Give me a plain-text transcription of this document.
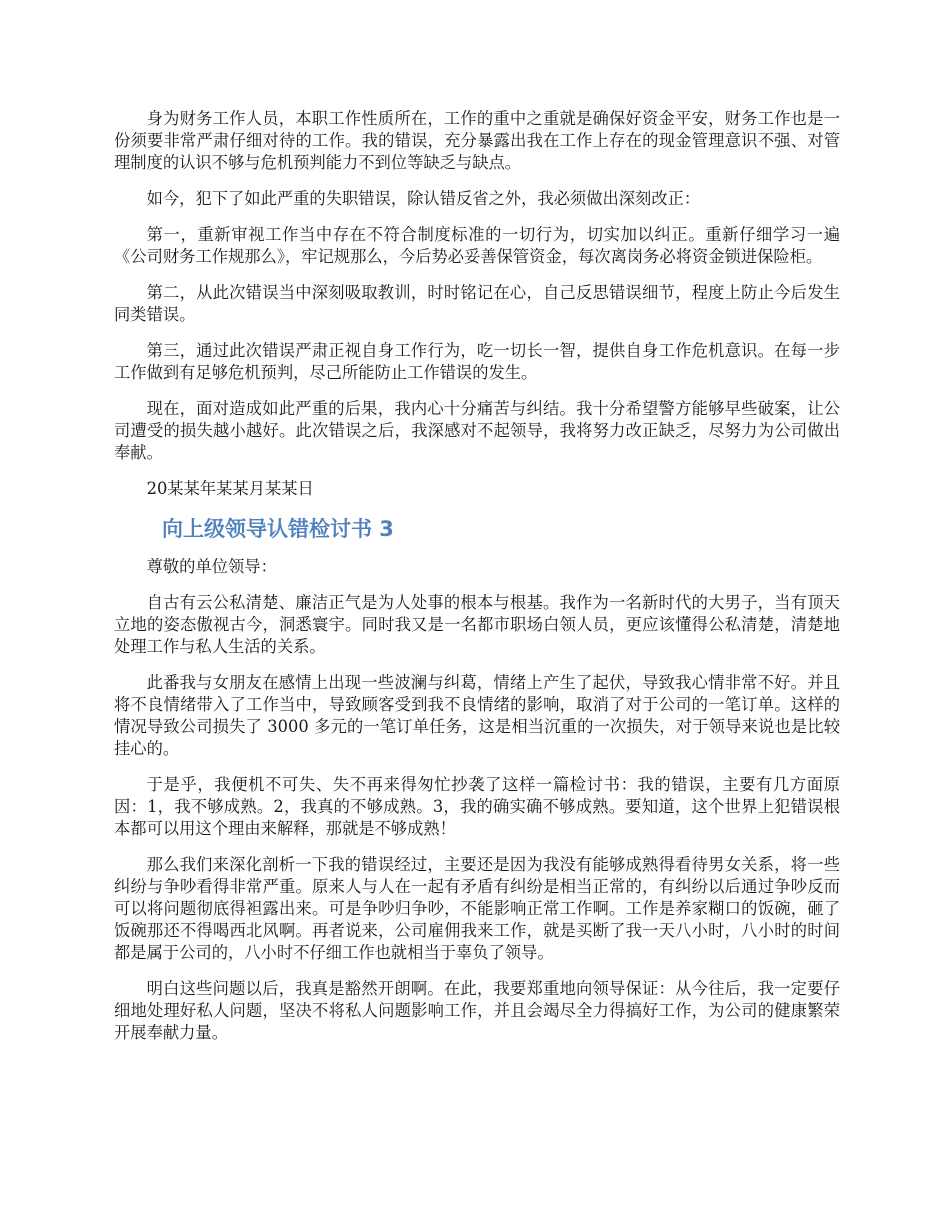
身为财务工作人员，本职工作性质所在，工作的重中之重就是确保好资金平安，财务工作也是一份须要非常严肃仔细对待的工作。我的错误，充分暴露出我在工作上存在的现金管理意识不强、对管理制度的认识不够与危机预判能力不到位等缺乏与缺点。

如今，犯下了如此严重的失职错误，除认错反省之外，我必须做出深刻改正：

第一，重新审视工作当中存在不符合制度标准的一切行为，切实加以纠正。重新仔细学习一遍《公司财务工作规那么》，牢记规那么，今后势必妥善保管资金，每次离岗务必将资金锁进保险柜。

第二，从此次错误当中深刻吸取教训，时时铭记在心，自己反思错误细节，程度上防止今后发生同类错误。

第三，通过此次错误严肃正视自身工作行为，吃一切长一智，提供自身工作危机意识。在每一步工作做到有足够危机预判，尽己所能防止工作错误的发生。

现在，面对造成如此严重的后果，我内心十分痛苦与纠结。我十分希望警方能够早些破案，让公司遭受的损失越小越好。此次错误之后，我深感对不起领导，我将努力改正缺乏，尽努力为公司做出奉献。

20某某年某某月某某日

向上级领导认错检讨书 3

尊敬的单位领导：

自古有云公私清楚、廉洁正气是为人处事的根本与根基。我作为一名新时代的大男子，当有顶天立地的姿态傲视古今，洞悉寰宇。同时我又是一名都市职场白领人员，更应该懂得公私清楚，清楚地处理工作与私人生活的关系。

此番我与女朋友在感情上出现一些波澜与纠葛，情绪上产生了起伏，导致我心情非常不好。并且将不良情绪带入了工作当中，导致顾客受到我不良情绪的影响，取消了对于公司的一笔订单。这样的情况导致公司损失了 3000 多元的一笔订单任务，这是相当沉重的一次损失，对于领导来说也是比较挂心的。

于是乎，我便机不可失、失不再来得匆忙抄袭了这样一篇检讨书：我的错误，主要有几方面原因：1，我不够成熟。2，我真的不够成熟。3，我的确实确不够成熟。要知道，这个世界上犯错误根本都可以用这个理由来解释，那就是不够成熟！

那么我们来深化剖析一下我的错误经过，主要还是因为我没有能够成熟得看待男女关系，将一些纠纷与争吵看得非常严重。原来人与人在一起有矛盾有纠纷是相当正常的，有纠纷以后通过争吵反而可以将问题彻底得袒露出来。可是争吵归争吵，不能影响正常工作啊。工作是养家糊口的饭碗，砸了饭碗那还不得喝西北风啊。再者说来，公司雇佣我来工作，就是买断了我一天八小时，八小时的时间都是属于公司的，八小时不仔细工作也就相当于辜负了领导。

明白这些问题以后，我真是豁然开朗啊。在此，我要郑重地向领导保证：从今往后，我一定要仔细地处理好私人问题，坚决不将私人问题影响工作，并且会竭尽全力得搞好工作，为公司的健康繁荣开展奉献力量。
